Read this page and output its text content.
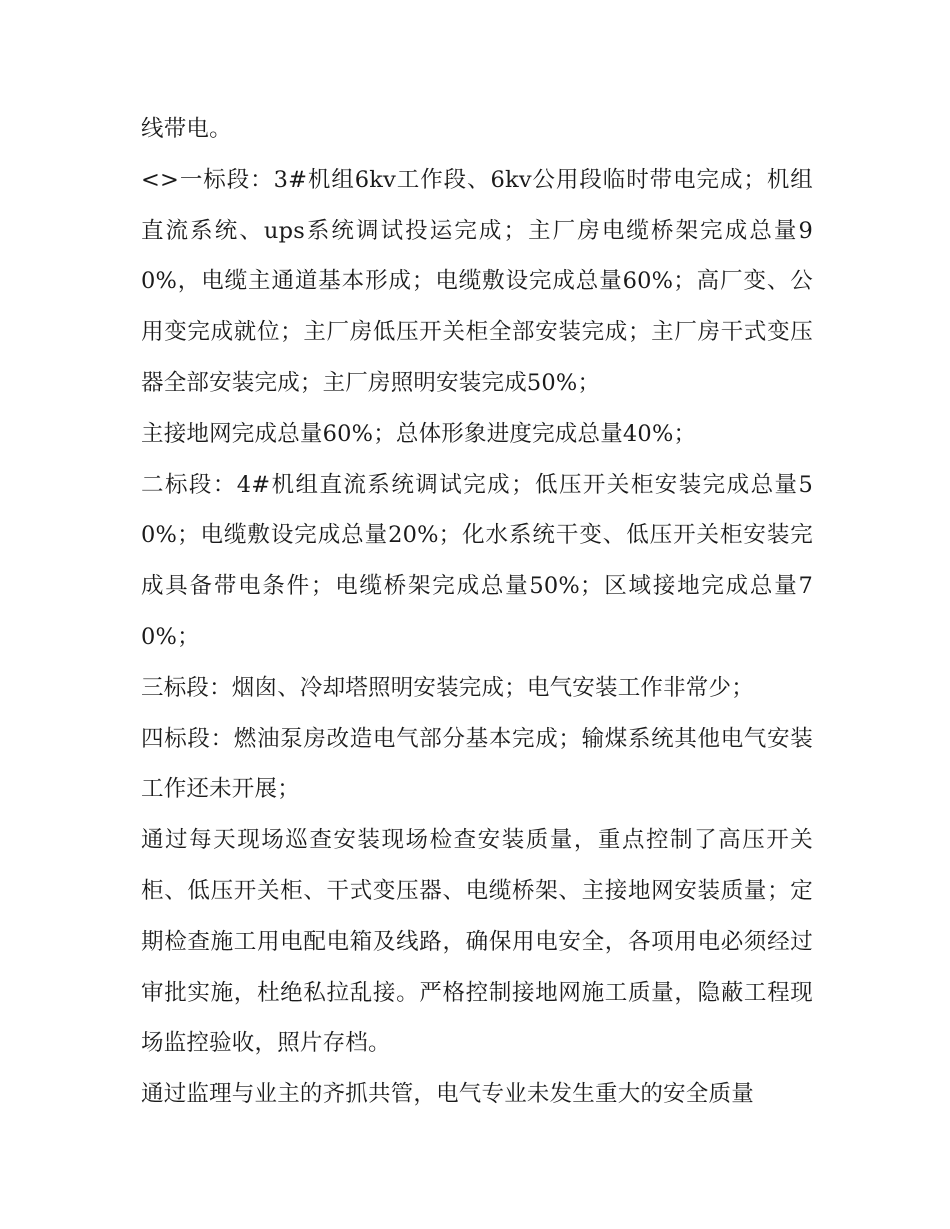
线带电。

<>一标段：3#机组6kv工作段、6kv公用段临时带电完成；机组直流系统、ups系统调试投运完成；主厂房电缆桥架完成总量90%，电缆主通道基本形成；电缆敷设完成总量60%；高厂变、公用变完成就位；主厂房低压开关柜全部安装完成；主厂房干式变压器全部安装完成；主厂房照明安装完成50%；

主接地网完成总量60%；总体形象进度完成总量40%；

二标段：4#机组直流系统调试完成；低压开关柜安装完成总量50%；电缆敷设完成总量20%；化水系统干变、低压开关柜安装完成具备带电条件；电缆桥架完成总量50%；区域接地完成总量70%；

三标段：烟囱、冷却塔照明安装完成；电气安装工作非常少；

四标段：燃油泵房改造电气部分基本完成；输煤系统其他电气安装工作还未开展；

通过每天现场巡查安装现场检查安装质量，重点控制了高压开关柜、低压开关柜、干式变压器、电缆桥架、主接地网安装质量；定期检查施工用电配电箱及线路，确保用电安全，各项用电必须经过审批实施，杜绝私拉乱接。严格控制接地网施工质量，隐蔽工程现场监控验收，照片存档。

通过监理与业主的齐抓共管，电气专业未发生重大的安全质量
